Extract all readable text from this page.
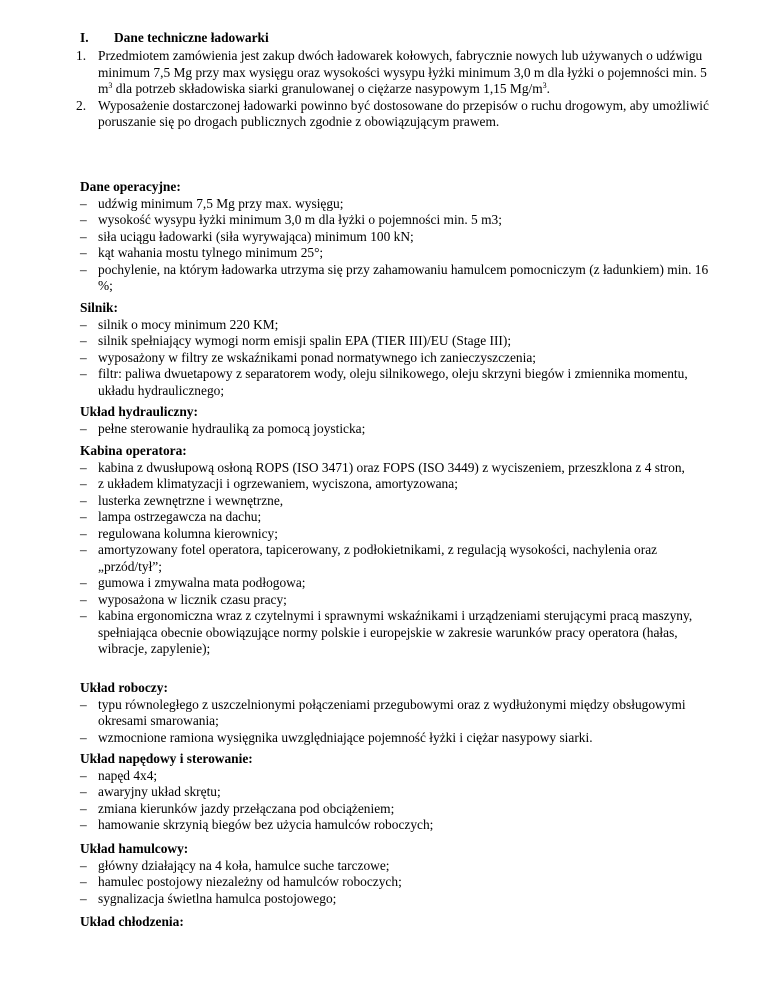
I. Dane techniczne ładowarki
1. Przedmiotem zamówienia jest zakup dwóch ładowarek kołowych, fabrycznie nowych lub używanych o udźwigu minimum 7,5 Mg przy max wysięgu oraz wysokości wysypu łyżki minimum 3,0 m dla łyżki o pojemności min. 5 $m^3$ dla potrzeb składowiska siarki granulowanej o ciężarze nasypowym 1,15 $Mg/m^3$.
2. Wyposażenie dostarczonej ładowarki powinno być dostosowane do przepisów o ruchu drogowym, aby umożliwić poruszanie się po drogach publicznych zgodnie z obowiązującym prawem.

Dane operacyjne:

– udźwig minimum 7,5 Mg przy max. wysięgu;
– wysokość wysypu łyżki minimum 3,0 m dla łyżki o pojemności min. 5 m3;
– siła uciągu ładowarki (siła wyrywająca) minimum 100 kN;
– kąt wahania mostu tylnego minimum 25°;
– pochylenie, na którym ładowarka utrzyma się przy zahamowaniu hamulcem pomocniczym (z ładunkiem) min. 16 %;

Silnik:

– silnik o mocy minimum 220 KM;
– silnik spełniający wymogi norm emisji spalin EPA (TIER III)/EU (Stage III);
– wyposażony w filtry ze wskaźnikami ponad normatywnego ich zanieczyszczenia;
– filtr: paliwa dwuetapowy z separatorem wody, oleju silnikowego, oleju skrzyni biegów i zmiennika momentu, układu hydraulicznego;

Układ hydrauliczny:

– pełne sterowanie hydrauliką za pomocą joysticka;

Kabina operatora:

– kabina z dwusłupową osłoną ROPS (ISO 3471) oraz FOPS (ISO 3449) z wyciszeniem, przeszklona z 4 stron,
– z układem klimatyzacji i ogrzewaniem, wyciszona, amortyzowana;
– lusterka zewnętrzne i wewnętrzne,
– lampa ostrzegawcza na dachu;
– regulowana kolumna kierownicy;
– amortyzowany fotel operatora, tapicerowany, z podłokietnikami, z regulacją wysokości, nachylenia oraz „przód/tył”;
– gumowa i zmywalna mata podłogowa;
– wyposażona w licznik czasu pracy;
– kabina ergonomiczna wraz z czytelnymi i sprawnymi wskaźnikami i urządzeniami sterującymi pracą maszyny, spełniająca obecnie obowiązujące normy polskie i europejskie w zakresie warunków pracy operatora (hałas, wibracje, zapylenie);

Układ roboczy:

– typu równoległego z uszczelnionymi połączeniami przegubowymi oraz z wydłużonymi między obsługowymi okresami smarowania;
– wzmocnione ramiona wysięgnika uwzględniające pojemność łyżki i ciężar nasypowy siarki.

Układ napędowy i sterowanie:

– napęd 4x4;
– awaryjny układ skrętu;
– zmiana kierunków jazdy przełączana pod obciążeniem;
– hamowanie skrzynią biegów bez użycia hamulców roboczych;

Układ hamulcowy:

– główny działający na 4 koła, hamulce suche tarczowe;
– hamulec postojowy niezależny od hamulców roboczych;
– sygnalizacja świetlna hamulca postojowego;

Układ chłodzenia:
